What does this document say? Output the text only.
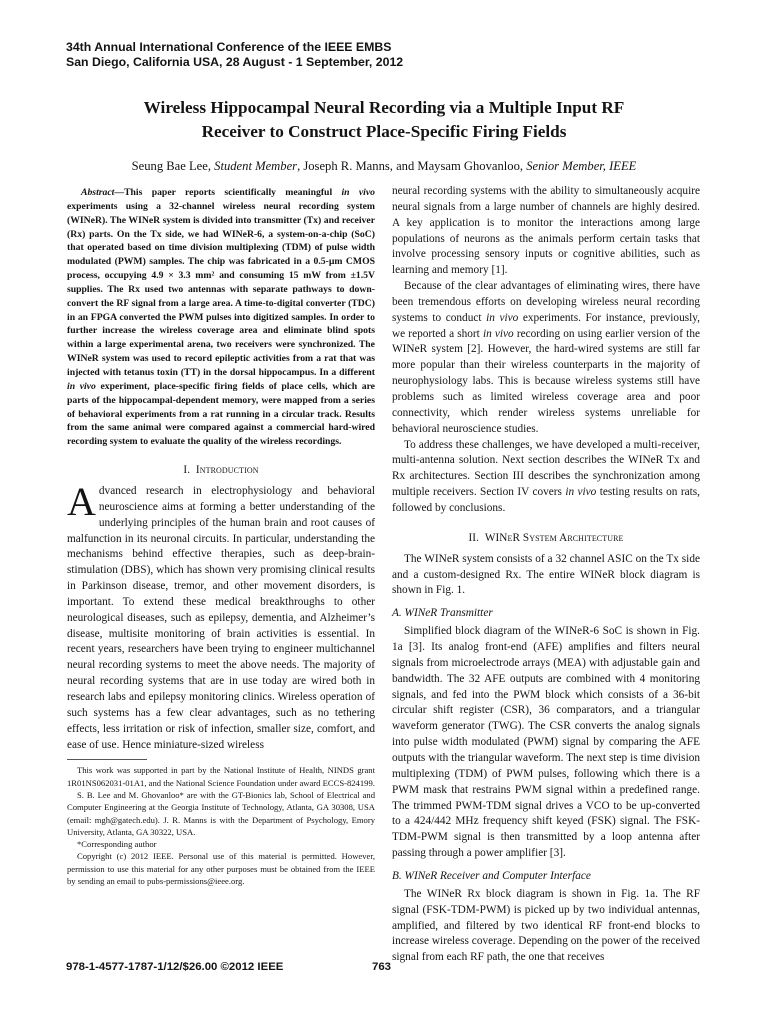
34th Annual International Conference of the IEEE EMBS
San Diego, California USA, 28 August - 1 September, 2012
Wireless Hippocampal Neural Recording via a Multiple Input RF
Receiver to Construct Place-Specific Firing Fields
Seung Bae Lee, Student Member, Joseph R. Manns, and Maysam Ghovanloo, Senior Member, IEEE

Abstract—This paper reports scientifically meaningful in vivo experiments using a 32-channel wireless neural recording system (WINeR). The WINeR system is divided into transmitter (Tx) and receiver (Rx) parts. On the Tx side, we had WINeR-6, a system-on-a-chip (SoC) that operated based on time division multiplexing (TDM) of pulse width modulated (PWM) samples. The chip was fabricated in a 0.5-µm CMOS process, occupying 4.9 × 3.3 mm² and consuming 15 mW from ±1.5V supplies. The Rx used two antennas with separate pathways to down-convert the RF signal from a large area. A time-to-digital converter (TDC) in an FPGA converted the PWM pulses into digitized samples. In order to further increase the wireless coverage area and eliminate blind spots within a large experimental arena, two receivers were synchronized. The WINeR system was used to record epileptic activities from a rat that was injected with tetanus toxin (TT) in the dorsal hippocampus. In a different in vivo experiment, place-specific firing fields of place cells, which are parts of the hippocampal-dependent memory, were mapped from a series of behavioral experiments from a rat running in a circular track. Results from the same animal were compared against a commercial hard-wired recording system to evaluate the quality of the wireless recordings.

I. Introduction

Advanced research in electrophysiology and behavioral neuroscience aims at forming a better understanding of the underlying principles of the human brain and root causes of malfunction in its neuronal circuits. In particular, understanding the mechanisms behind effective therapies, such as deep-brain-stimulation (DBS), which has shown very promising clinical results in Parkinson disease, tremor, and other movement disorders, is important. To extend these medical breakthroughs to other neurological diseases, such as epilepsy, dementia, and Alzheimer’s disease, multisite monitoring of brain activities is essential. In recent years, researchers have been trying to engineer multichannel neural recording systems to meet the above needs. The majority of neural recording systems that are in use today are wired both in research labs and epilepsy monitoring clinics. Wireless operation of such systems has a few clear advantages, such as no tethering effects, less irritation or risk of infection, smaller size, comfort, and ease of use. Hence miniature-sized wireless

This work was supported in part by the National Institute of Health, NINDS grant 1R01NS062031-01A1, and the National Science Foundation under award ECCS-824199.

S. B. Lee and M. Ghovanloo* are with the GT-Bionics lab, School of Electrical and Computer Engineering at the Georgia Institute of Technology, Atlanta, GA 30308, USA (email: mgh@gatech.edu). J. R. Manns is with the Department of Psychology, Emory University, Atlanta, GA 30322, USA.

*Corresponding author

Copyright (c) 2012 IEEE. Personal use of this material is permitted. However, permission to use this material for any other purposes must be obtained from the IEEE by sending an email to pubs-permissions@ieee.org.

neural recording systems with the ability to simultaneously acquire neural signals from a large number of channels are highly desired. A key application is to monitor the interactions among large populations of neurons as the animals perform certain tasks that involve processing sensory inputs or cognitive abilities, such as learning and memory [1].

Because of the clear advantages of eliminating wires, there have been tremendous efforts on developing wireless neural recording systems to conduct in vivo experiments. For instance, previously, we reported a short in vivo recording on using earlier version of the WINeR system [2]. However, the hard-wired systems are still far more popular than their wireless counterparts in the majority of neurophysiology labs. This is because wireless systems still have problems such as limited wireless coverage area and poor connectivity, which render wireless systems unreliable for behavioral neuroscience studies.

To address these challenges, we have developed a multi-receiver, multi-antenna solution. Next section describes the WINeR Tx and Rx architectures. Section III describes the synchronization among multiple receivers. Section IV covers in vivo testing results on rats, followed by conclusions.

II. WINeR System Architecture

The WINeR system consists of a 32 channel ASIC on the Tx side and a custom-designed Rx. The entire WINeR block diagram is shown in Fig. 1.

A. WINeR Transmitter

Simplified block diagram of the WINeR-6 SoC is shown in Fig. 1a [3]. Its analog front-end (AFE) amplifies and filters neural signals from microelectrode arrays (MEA) with adjustable gain and bandwidth. The 32 AFE outputs are combined with 4 monitoring signals, and fed into the PWM block which consists of a 36-bit circular shift register (CSR), 36 comparators, and a triangular waveform generator (TWG). The CSR converts the analog signals into pulse width modulated (PWM) signal by comparing the AFE outputs with the triangular waveform. The next step is time division multiplexing (TDM) of PWM pulses, following which there is a PWM mask that restrains PWM signal within a predefined range. The trimmed PWM-TDM signal drives a VCO to be up-converted to a 424/442 MHz frequency shift keyed (FSK) signal. The FSK-TDM-PWM signal is then transmitted by a loop antenna after passing through a power amplifier [3].

B. WINeR Receiver and Computer Interface

The WINeR Rx block diagram is shown in Fig. 1a. The RF signal (FSK-TDM-PWM) is picked up by two individual antennas, amplified, and filtered by two identical RF front-end blocks to increase wireless coverage. Depending on the power of the received signal from each RF path, the one that receives

978-1-4577-1787-1/12/$26.00 ©2012 IEEE	763
